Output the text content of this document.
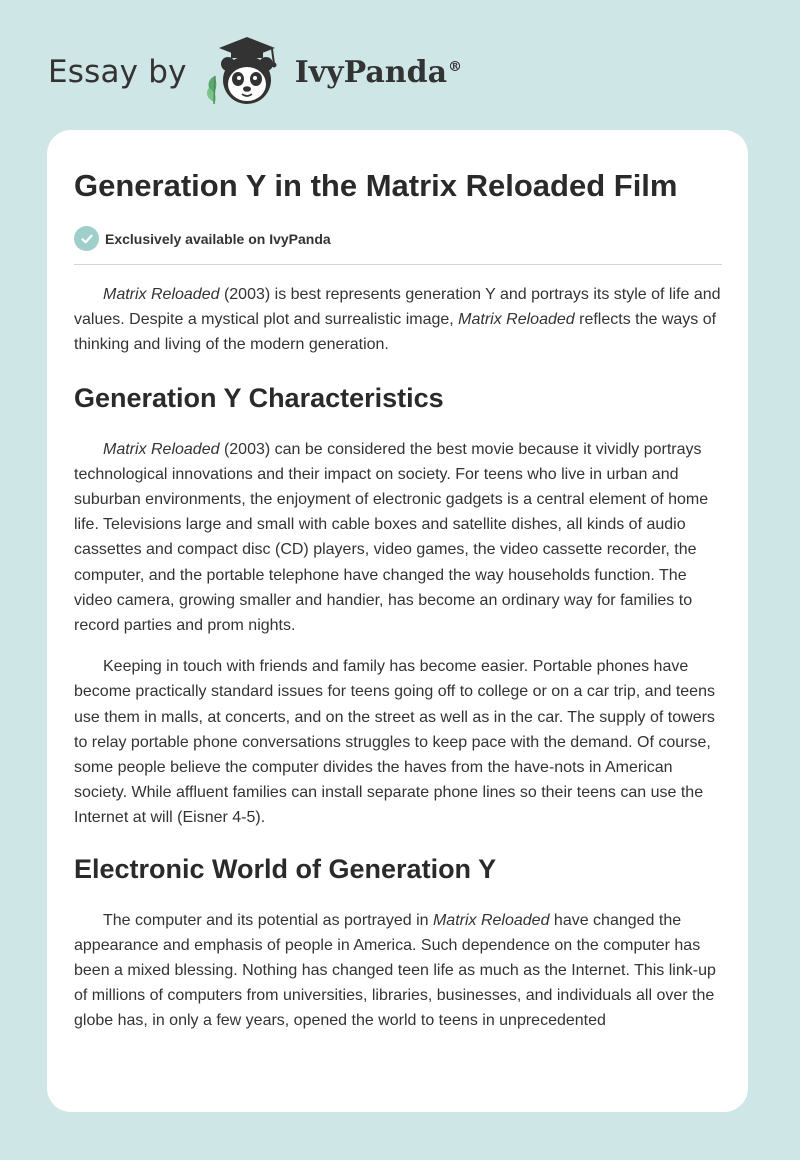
Essay by	IvyPanda®
Generation Y in the Matrix Reloaded Film
Exclusively available on IvyPanda

Matrix Reloaded (2003) is best represents generation Y and portrays its style of life and values. Despite a mystical plot and surrealistic image, Matrix Reloaded reflects the ways of thinking and living of the modern generation.

Generation Y Characteristics

Matrix Reloaded (2003) can be considered the best movie because it vividly portrays technological innovations and their impact on society. For teens who live in urban and suburban environments, the enjoyment of electronic gadgets is a central element of home life. Televisions large and small with cable boxes and satellite dishes, all kinds of audio cassettes and compact disc (CD) players, video games, the video cassette recorder, the computer, and the portable telephone have changed the way households function. The video camera, growing smaller and handier, has become an ordinary way for families to record parties and prom nights.

Keeping in touch with friends and family has become easier. Portable phones have become practically standard issues for teens going off to college or on a car trip, and teens use them in malls, at concerts, and on the street as well as in the car. The supply of towers to relay portable phone conversations struggles to keep pace with the demand. Of course, some people believe the computer divides the haves from the have-nots in American society. While affluent families can install separate phone lines so their teens can use the Internet at will (Eisner 4-5).

Electronic World of Generation Y

The computer and its potential as portrayed in Matrix Reloaded have changed the appearance and emphasis of people in America. Such dependence on the computer has been a mixed blessing. Nothing has changed teen life as much as the Internet. This link-up of millions of computers from universities, libraries, businesses, and individuals all over the globe has, in only a few years, opened the world to teens in unprecedented
